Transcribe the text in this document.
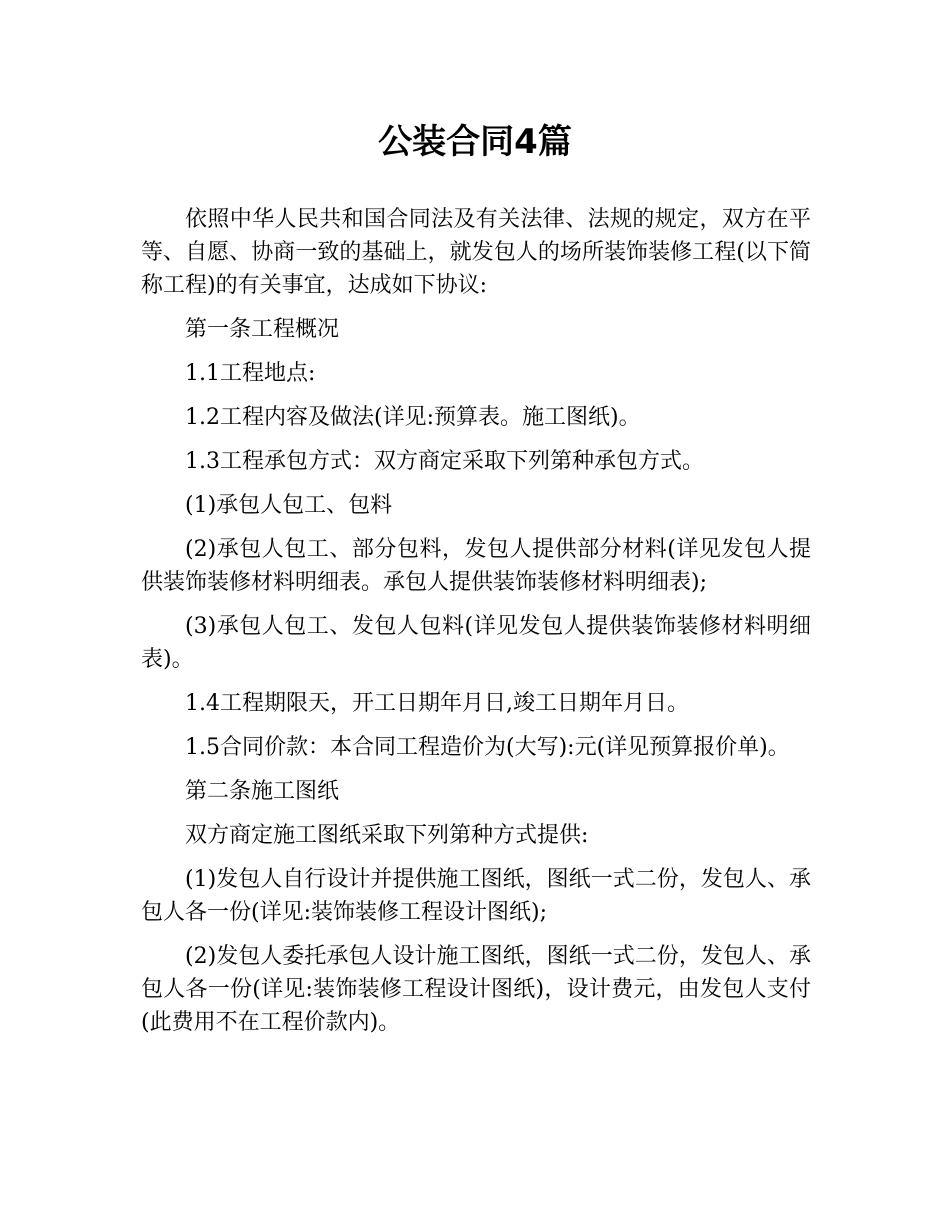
公装合同4篇

依照中华人民共和国合同法及有关法律、法规的规定，双方在平等、自愿、协商一致的基础上，就发包人的场所装饰装修工程(以下简称工程)的有关事宜，达成如下协议:

第一条工程概况

1.1工程地点:

1.2工程内容及做法(详见:预算表。施工图纸)。

1.3工程承包方式：双方商定采取下列第种承包方式。

(1)承包人包工、包料

(2)承包人包工、部分包料，发包人提供部分材料(详见发包人提供装饰装修材料明细表。承包人提供装饰装修材料明细表);

(3)承包人包工、发包人包料(详见发包人提供装饰装修材料明细表)。

1.4工程期限天，开工日期年月日,竣工日期年月日。

1.5合同价款：本合同工程造价为(大写):元(详见预算报价单)。

第二条施工图纸

双方商定施工图纸采取下列第种方式提供:

(1)发包人自行设计并提供施工图纸，图纸一式二份，发包人、承包人各一份(详见:装饰装修工程设计图纸);

(2)发包人委托承包人设计施工图纸，图纸一式二份，发包人、承包人各一份(详见:装饰装修工程设计图纸)，设计费元，由发包人支付(此费用不在工程价款内)。
